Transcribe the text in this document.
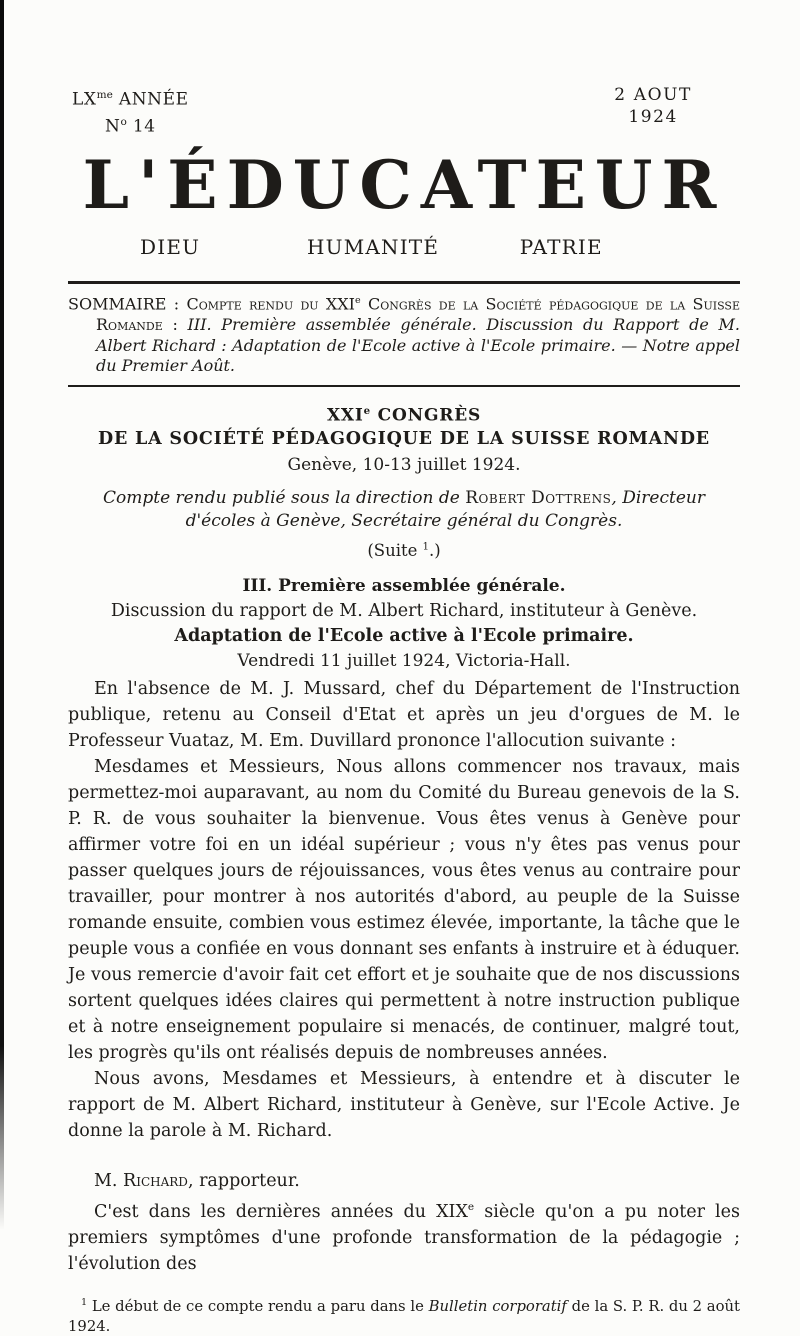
$LX^{me}$ ANNÉE
$N^o$ 14
2 AOUT
1924
L'ÉDUCATEUR
DIEU	HUMANITÉ	PATRIE

SOMMAIRE : Compte rendu du XXIe Congrès de la Société pédagogique de la Suisse Romande : III. Première assemblée générale. Discussion du Rapport de M. Albert Richard : Adaptation de l'Ecole active à l'Ecole primaire. — Notre appel du Premier Août.

XXIe CONGRÈS
DE LA SOCIÉTÉ PÉDAGOGIQUE DE LA SUISSE ROMANDE
Genève, 10-13 juillet 1924.
Compte rendu publié sous la direction de Robert Dottrens, Directeur d'écoles à Genève, Secrétaire général du Congrès.
(Suite $^1$.)
III. Première assemblée générale.
Discussion du rapport de M. Albert Richard, instituteur à Genève.
Adaptation de l'Ecole active à l'Ecole primaire.
Vendredi 11 juillet 1924, Victoria-Hall.

En l'absence de M. J. Mussard, chef du Département de l'Instruction publique, retenu au Conseil d'Etat et après un jeu d'orgues de M. le Professeur Vuataz, M. Em. Duvillard prononce l'allocution suivante :

Mesdames et Messieurs, Nous allons commencer nos travaux, mais permettez-moi auparavant, au nom du Comité du Bureau genevois de la S. P. R. de vous souhaiter la bienvenue. Vous êtes venus à Genève pour affirmer votre foi en un idéal supérieur ; vous n'y êtes pas venus pour passer quelques jours de réjouissances, vous êtes venus au contraire pour travailler, pour montrer à nos autorités d'abord, au peuple de la Suisse romande ensuite, combien vous estimez élevée, importante, la tâche que le peuple vous a confiée en vous donnant ses enfants à instruire et à éduquer. Je vous remercie d'avoir fait cet effort et je souhaite que de nos discussions sortent quelques idées claires qui permettent à notre instruction publique et à notre enseignement populaire si menacés, de continuer, malgré tout, les progrès qu'ils ont réalisés depuis de nombreuses années.

Nous avons, Mesdames et Messieurs, à entendre et à discuter le rapport de M. Albert Richard, instituteur à Genève, sur l'Ecole Active. Je donne la parole à M. Richard.

M. Richard, rapporteur.

C'est dans les dernières années du XIXe siècle qu'on a pu noter les premiers symptômes d'une profonde transformation de la pédagogie ; l'évolution des

$^1$ Le début de ce compte rendu a paru dans le Bulletin corporatif de la S. P. R. du 2 août 1924.
